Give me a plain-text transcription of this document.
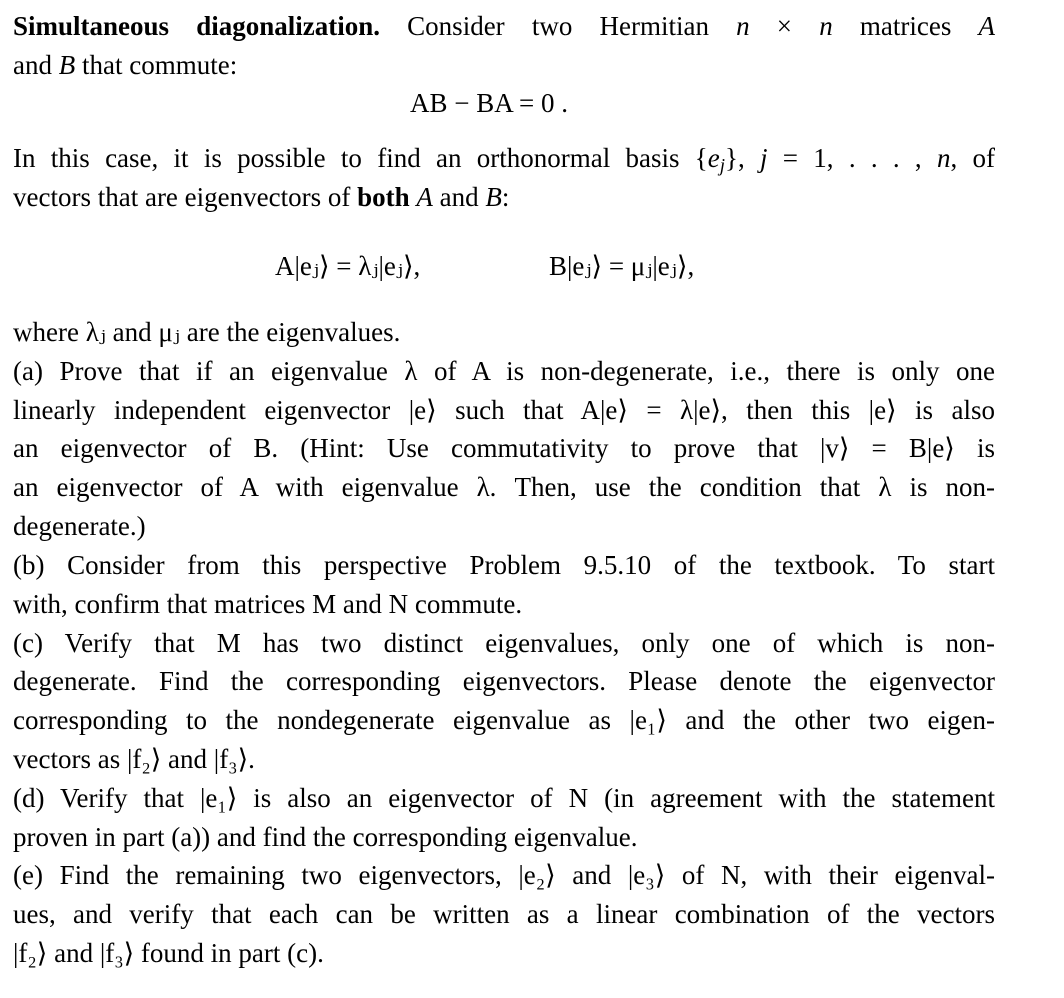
Simultaneous diagonalization. Consider two Hermitian n × n matrices A
and B that commute:
AB − BA = 0 .
In this case, it is possible to find an orthonormal basis $\{e_j\}$, j = 1, . . . , n, of
vectors that are eigenvectors of both A and B:
A|eⱼ⟩ = λⱼ|eⱼ⟩,	B|eⱼ⟩ = μⱼ|eⱼ⟩,
where λⱼ and μⱼ are the eigenvalues.
(a) Prove that if an eigenvalue λ of A is non-degenerate, i.e., there is only one
linearly independent eigenvector |e⟩ such that A|e⟩ = λ|e⟩, then this |e⟩ is also
an eigenvector of B. (Hint: Use commutativity to prove that |v⟩ = B|e⟩ is
an eigenvector of A with eigenvalue λ. Then, use the condition that λ is non-
degenerate.)
(b) Consider from this perspective Problem 9.5.10 of the textbook. To start
with, confirm that matrices M and N commute.
(c) Verify that M has two distinct eigenvalues, only one of which is non-
degenerate. Find the corresponding eigenvectors. Please denote the eigenvector
corresponding to the nondegenerate eigenvalue as |e₁⟩ and the other two eigen-
vectors as |f₂⟩ and |f₃⟩.
(d) Verify that |e₁⟩ is also an eigenvector of N (in agreement with the statement
proven in part (a)) and find the corresponding eigenvalue.
(e) Find the remaining two eigenvectors, |e₂⟩ and |e₃⟩ of N, with their eigenval-
ues, and verify that each can be written as a linear combination of the vectors
|f₂⟩ and |f₃⟩ found in part (c).
